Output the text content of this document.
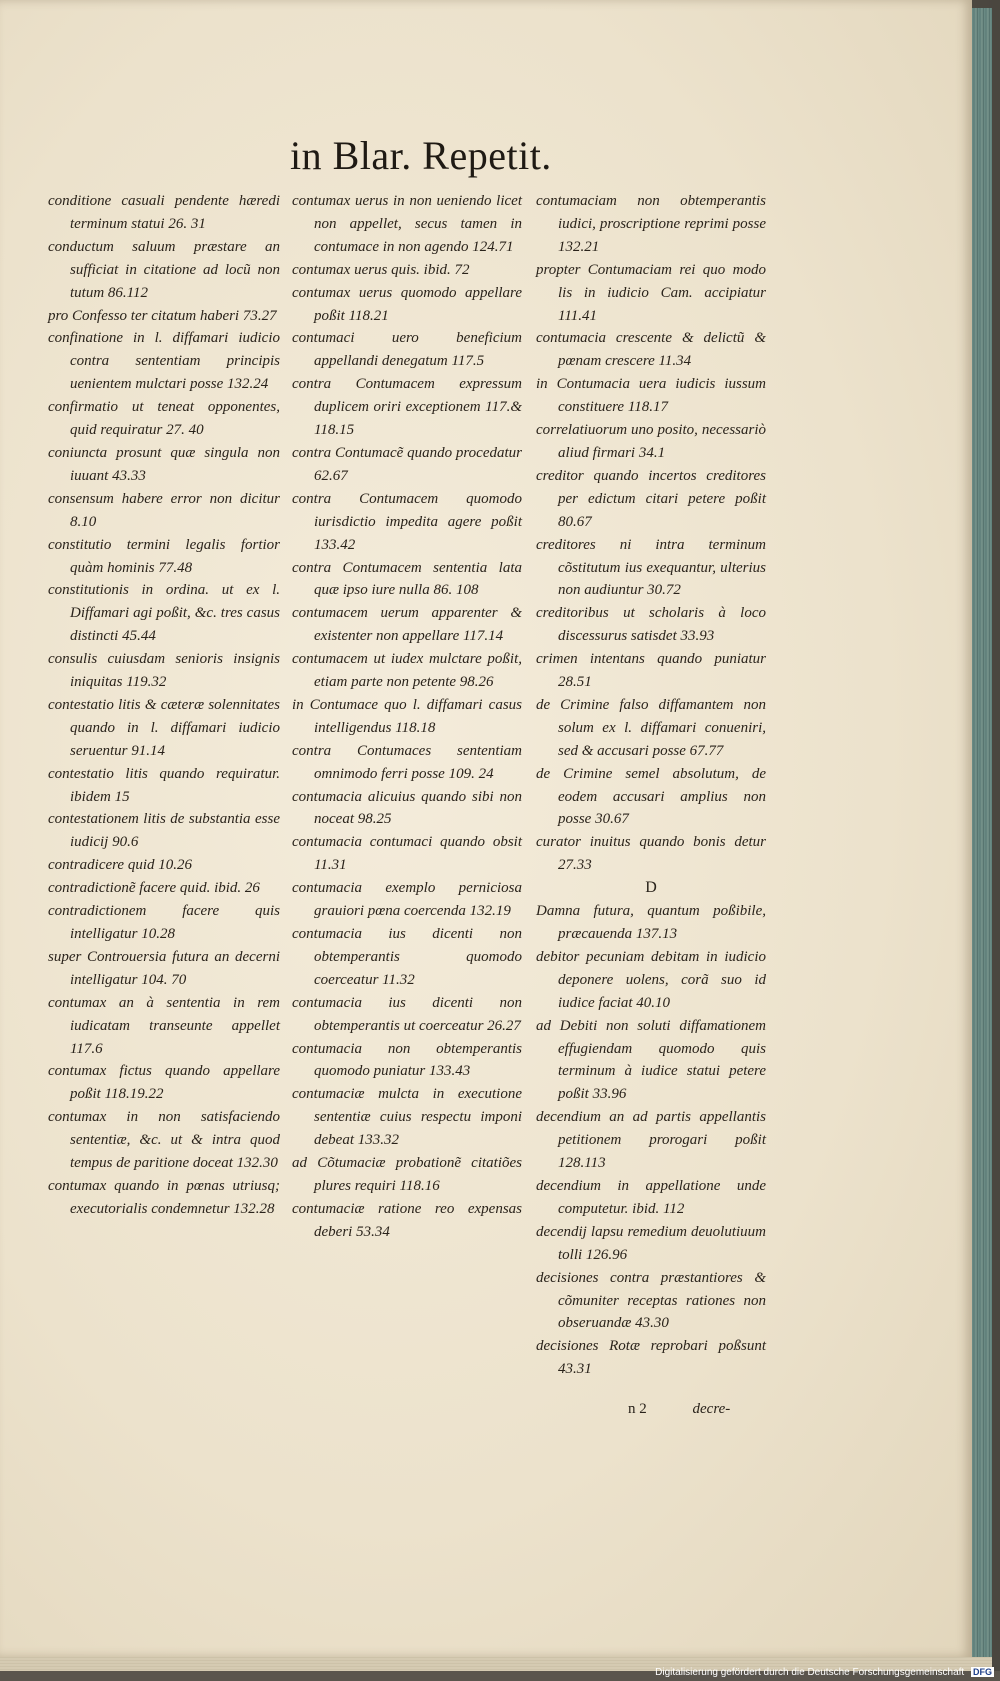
in Blar. Repetit.

conditione casuali pendente hæredi terminum statui 26. 31

conductum saluum præstare an sufficiat in citatione ad locũ non tutum 86.112

pro Confesso ter citatum haberi 73.27

confinatione in l. diffamari iudicio contra sententiam principis uenientem mulctari posse 132.24

confirmatio ut teneat opponentes, quid requiratur 27. 40

coniuncta prosunt quæ singula non iuuant 43.33

consensum habere error non dicitur 8.10

constitutio termini legalis fortior quàm hominis 77.48

constitutionis in ordina. ut ex l. Diffamari agi poßit, &c. tres casus distincti 45.44

consulis cuiusdam senioris insignis iniquitas 119.32

contestatio litis & cæteræ solennitates quando in l. diffamari iudicio seruentur 91.14

contestatio litis quando requiratur. ibidem 15

contestationem litis de substantia esse iudicij 90.6

contradicere quid 10.26

contradictionẽ facere quid. ibid. 26

contradictionem facere quis intelligatur 10.28

super Controuersia futura an decerni intelligatur 104. 70

contumax an à sententia in rem iudicatam transeunte appellet 117.6

contumax fictus quando appellare poßit 118.19.22

contumax in non satisfaciendo sententiæ, &c. ut & intra quod tempus de paritione doceat 132.30

contumax quando in pœnas utriusq; executorialis condemnetur 132.28

contumax uerus in non ueniendo licet non appellet, secus tamen in contumace in non agendo 124.71

contumax uerus quis. ibid. 72

contumax uerus quomodo appellare poßit 118.21

contumaci uero beneficium appellandi denegatum 117.5

contra Contumacem expressum duplicem oriri exceptionem 117.& 118.15

contra Contumacẽ quando procedatur 62.67

contra Contumacem quomodo iurisdictio impedita agere poßit 133.42

contra Contumacem sententia lata quæ ipso iure nulla 86. 108

contumacem uerum apparenter & existenter non appellare 117.14

contumacem ut iudex mulctare poßit, etiam parte non petente 98.26

in Contumace quo l. diffamari casus intelligendus 118.18

contra Contumaces sententiam omnimodo ferri posse 109. 24

contumacia alicuius quando sibi non noceat 98.25

contumacia contumaci quando obsit 11.31

contumacia exemplo perniciosa grauiori pœna coercenda 132.19

contumacia ius dicenti non obtemperantis quomodo coerceatur 11.32

contumacia ius dicenti non obtemperantis ut coerceatur 26.27

contumacia non obtemperantis quomodo puniatur 133.43

contumaciæ mulcta in executione sententiæ cuius respectu imponi debeat 133.32

ad Cõtumaciæ probationẽ citatiões plures requiri 118.16

contumaciæ ratione reo expensas deberi 53.34

contumaciam non obtemperantis iudici, proscriptione reprimi posse 132.21

propter Contumaciam rei quo modo lis in iudicio Cam. accipiatur 111.41

contumacia crescente & delictũ & pœnam crescere 11.34

in Contumacia uera iudicis iussum constituere 118.17

correlatiuorum uno posito, necessariò aliud firmari 34.1

creditor quando incertos creditores per edictum citari petere poßit 80.67

creditores ni intra terminum cõstitutum ius exequantur, ulterius non audiuntur 30.72

creditoribus ut scholaris à loco discessurus satisdet 33.93

crimen intentans quando puniatur 28.51

de Crimine falso diffamantem non solum ex l. diffamari conueniri, sed & accusari posse 67.77

de Crimine semel absolutum, de eodem accusari amplius non posse 30.67

curator inuitus quando bonis detur 27.33

D

Damna futura, quantum poßibile, præcauenda 137.13

debitor pecuniam debitam in iudicio deponere uolens, corã suo id iudice faciat 40.10

ad Debiti non soluti diffamationem effugiendam quomodo quis terminum à iudice statui petere poßit 33.96

decendium an ad partis appellantis petitionem prorogari poßit 128.113

decendium in appellatione unde computetur. ibid. 112

decendij lapsu remedium deuolutiuum tolli 126.96

decisiones contra præstantiores & cõmuniter receptas rationes non obseruandæ 43.30

decisiones Rotæ reprobari poßsunt 43.31

n 2	decre-
Digitalisierung gefördert durch die Deutsche Forschungsgemeinschaft DFG
